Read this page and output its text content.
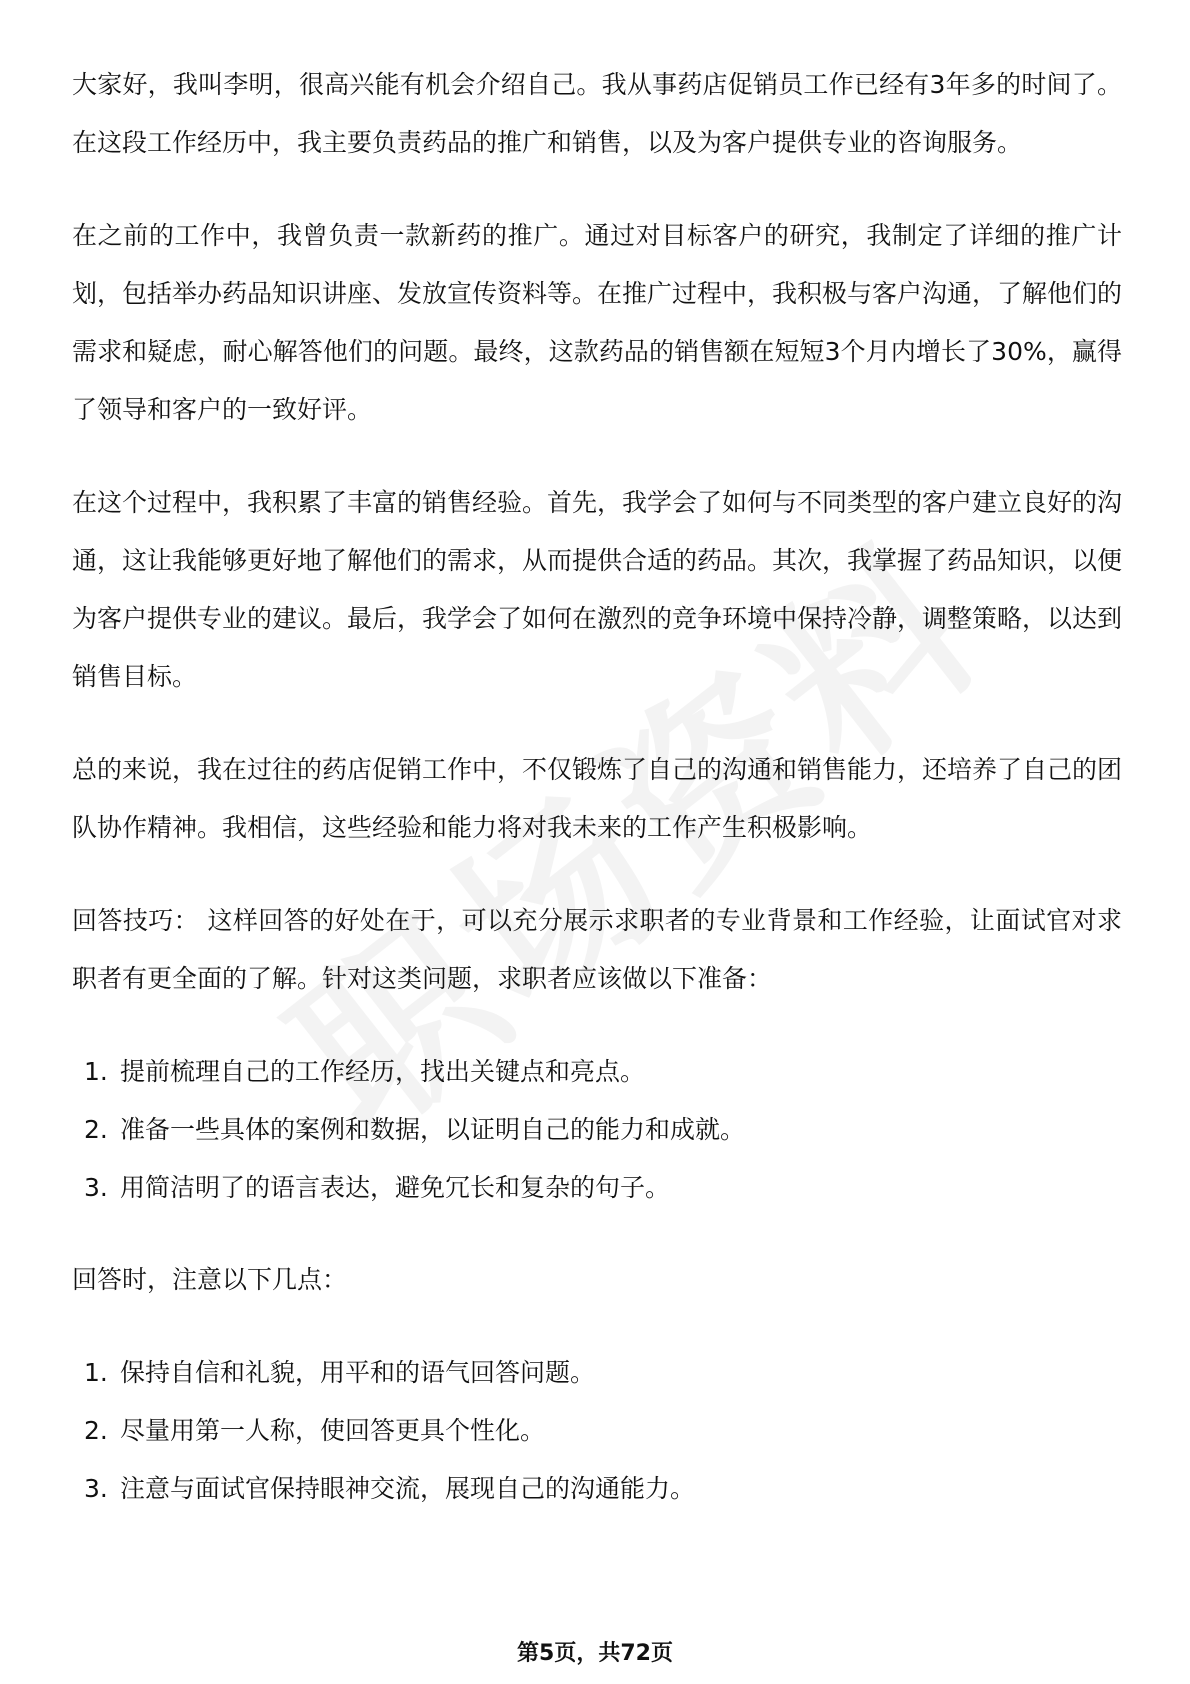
大家好，我叫李明，很高兴能有机会介绍自己。我从事药店促销员工作已经有3年多的时间了。在这段工作经历中，我主要负责药品的推广和销售，以及为客户提供专业的咨询服务。

在之前的工作中，我曾负责一款新药的推广。通过对目标客户的研究，我制定了详细的推广计划，包括举办药品知识讲座、发放宣传资料等。在推广过程中，我积极与客户沟通，了解他们的需求和疑虑，耐心解答他们的问题。最终，这款药品的销售额在短短3个月内增长了30%，赢得了领导和客户的一致好评。

在这个过程中，我积累了丰富的销售经验。首先，我学会了如何与不同类型的客户建立良好的沟通，这让我能够更好地了解他们的需求，从而提供合适的药品。其次，我掌握了药品知识，以便为客户提供专业的建议。最后，我学会了如何在激烈的竞争环境中保持冷静，调整策略，以达到销售目标。

总的来说，我在过往的药店促销工作中，不仅锻炼了自己的沟通和销售能力，还培养了自己的团队协作精神。我相信，这些经验和能力将对我未来的工作产生积极影响。

回答技巧： 这样回答的好处在于，可以充分展示求职者的专业背景和工作经验，让面试官对求职者有更全面的了解。针对这类问题，求职者应该做以下准备：

1. 提前梳理自己的工作经历，找出关键点和亮点。
2. 准备一些具体的案例和数据，以证明自己的能力和成就。
3. 用简洁明了的语言表达，避免冗长和复杂的句子。

回答时，注意以下几点：

1. 保持自信和礼貌，用平和的语气回答问题。
2. 尽量用第一人称，使回答更具个性化。
3. 注意与面试官保持眼神交流，展现自己的沟通能力。
第5页，共72页
